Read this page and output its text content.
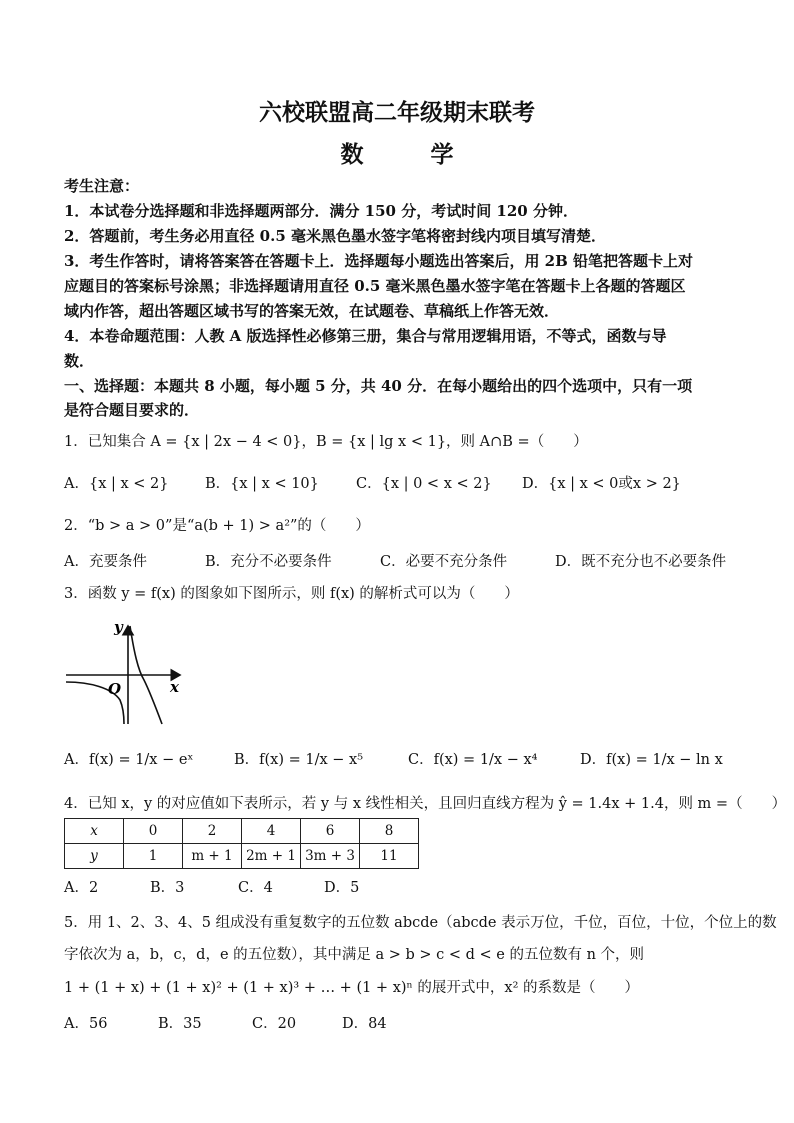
六校联盟高二年级期末联考
数　学
考生注意：
1．本试卷分选择题和非选择题两部分．满分 150 分，考试时间 120 分钟．
2．答题前，考生务必用直径 0.5 毫米黑色墨水签字笔将密封线内项目填写清楚．
3．考生作答时，请将答案答在答题卡上．选择题每小题选出答案后，用 2B 铅笔把答题卡上对
应题目的答案标号涂黑；非选择题请用直径 0.5 毫米黑色墨水签字笔在答题卡上各题的答题区
域内作答，超出答题区域书写的答案无效，在试题卷、草稿纸上作答无效．
4．本卷命题范围：人教 A 版选择性必修第三册，集合与常用逻辑用语，不等式，函数与导
数．
一、选择题：本题共 8 小题，每小题 5 分，共 40 分．在每小题给出的四个选项中，只有一项
是符合题目要求的．
1．已知集合 A = {x | 2x − 4 < 0}，B = {x | lg x < 1}，则 A∩B =（　　）
A．{x | x < 2}	B．{x | x < 10}	C．{x | 0 < x < 2} D．{x | x < 0或x > 2}
2．“b > a > 0”是“a(b + 1) > a²”的（　　）
A．充要条件	B．充分不必要条件	C．必要不充分条件	D．既不充分也不必要条件
3．函数 y = f(x) 的图象如下图所示，则 f(x) 的解析式可以为（　　）
y
x
O
A．f(x) = 1/x − eˣ	B．f(x) = 1/x − x⁵	C．f(x) = 1/x − x⁴	D．f(x) = 1/x − ln x
4．已知 x，y 的对应值如下表所示，若 y 与 x 线性相关，且回归直线方程为 ŷ = 1.4x + 1.4，则 m =（　　）
x	0	2	4	6	8
y	1	m + 1	2m + 1	3m + 3	11
A．2	B．3	C．4	D．5
5．用 1、2、3、4、5 组成没有重复数字的五位数 abcde（abcde 表示万位，千位，百位，十位，个位上的数
字依次为 a，b，c，d，e 的五位数），其中满足 a > b > c < d < e 的五位数有 n 个，则
1 + (1 + x) + (1 + x)² + (1 + x)³ + … + (1 + x)ⁿ 的展开式中，x² 的系数是（　　）
A．56	B．35	C．20	D．84
